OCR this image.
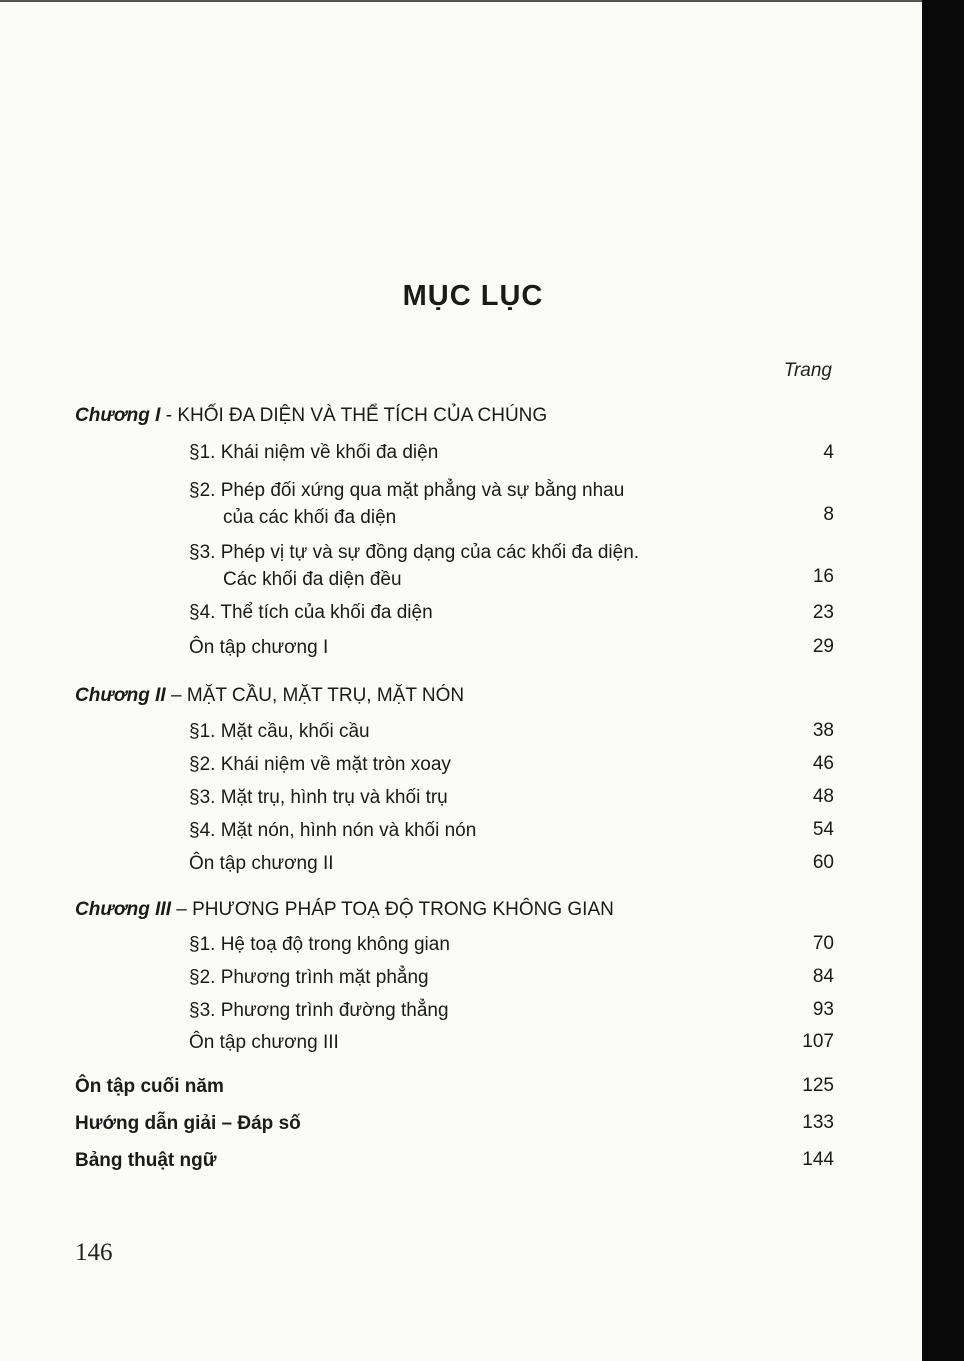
MỤC LỤC
Trang
Chương I - KHỐI ĐA DIỆN VÀ THỂ TÍCH CỦA CHÚNG
§1. Khái niệm về khối đa diện	4
§2. Phép đối xứng qua mặt phẳng và sự bằng nhau
của các khối đa diện	8
§3. Phép vị tự và sự đồng dạng của các khối đa diện.
Các khối đa diện đều	16
§4. Thể tích của khối đa diện	23
Ôn tập chương I	29
Chương II – MẶT CẦU, MẶT TRỤ, MẶT NÓN
§1. Mặt cầu, khối cầu	38
§2. Khái niệm về mặt tròn xoay	46
§3. Mặt trụ, hình trụ và khối trụ	48
§4. Mặt nón, hình nón và khối nón	54
Ôn tập chương II	60
Chương III – PHƯƠNG PHÁP TOẠ ĐỘ TRONG KHÔNG GIAN
§1. Hệ toạ độ trong không gian	70
§2. Phương trình mặt phẳng	84
§3. Phương trình đường thẳng	93
Ôn tập chương III	107
Ôn tập cuối năm	125
Hướng dẫn giải – Đáp số	133
Bảng thuật ngữ	144
146
